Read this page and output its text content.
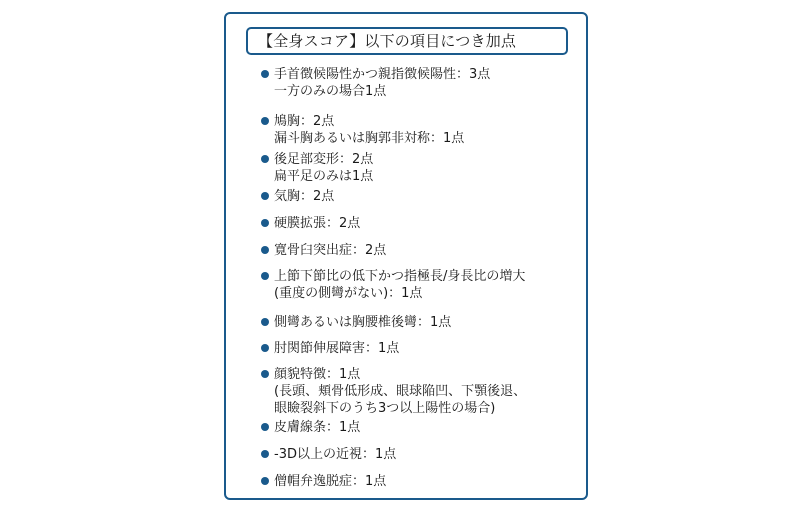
【全身スコア】以下の項目につき加点
手首徴候陽性かつ親指徴候陽性：3点
一方のみの場合1点
鳩胸：2点
漏斗胸あるいは胸郭非対称：1点
後足部変形：2点
扁平足のみは1点
気胸：2点
硬膜拡張：2点
寛骨臼突出症：2点
上節下節比の低下かつ指極長/身長比の増大
(重度の側彎がない)：1点
側彎あるいは胸腰椎後彎：1点
肘関節伸展障害：1点
顔貌特徴：1点
(長頭、頬骨低形成、眼球陥凹、下顎後退、
眼瞼裂斜下のうち3つ以上陽性の場合)
皮膚線条：1点
-3D以上の近視：1点
僧帽弁逸脱症：1点
